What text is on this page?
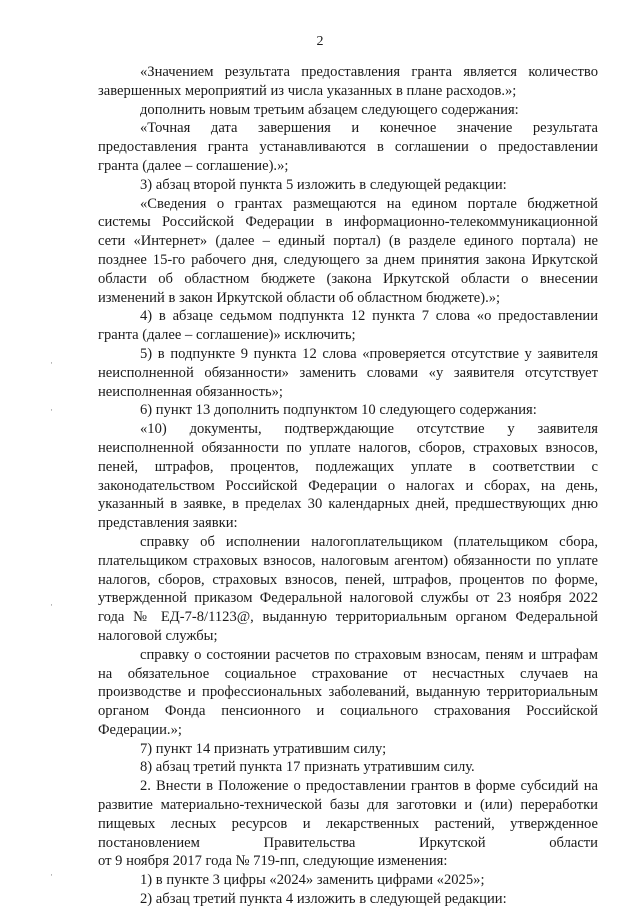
2
·
·
·
·

«Значением результата предоставления гранта является количество завершенных мероприятий из числа указанных в плане расходов.»;

дополнить новым третьим абзацем следующего содержания:

«Точная дата завершения и конечное значение результата предоставления гранта устанавливаются в соглашении о предоставлении гранта (далее – соглашение).»;

3) абзац второй пункта 5 изложить в следующей редакции:

«Сведения о грантах размещаются на едином портале бюджетной системы Российской Федерации в информационно-телекоммуникационной сети «Интернет» (далее – единый портал) (в разделе единого портала) не позднее 15-го рабочего дня, следующего за днем принятия закона Иркутской области об областном бюджете (закона Иркутской области о внесении изменений в закон Иркутской области об областном бюджете).»;

4) в абзаце седьмом подпункта 12 пункта 7 слова «о предоставлении гранта (далее – соглашение)» исключить;

5) в подпункте 9 пункта 12 слова «проверяется отсутствие у заявителя неисполненной обязанности» заменить словами «у заявителя отсутствует неисполненная обязанность»;

6) пункт 13 дополнить подпунктом 10 следующего содержания:

«10) документы, подтверждающие отсутствие у заявителя неисполненной обязанности по уплате налогов, сборов, страховых взносов, пеней, штрафов, процентов, подлежащих уплате в соответствии с законодательством Российской Федерации о налогах и сборах, на день, указанный в заявке, в пределах 30 календарных дней, предшествующих дню представления заявки:

справку об исполнении налогоплательщиком (плательщиком сбора, плательщиком страховых взносов, налоговым агентом) обязанности по уплате налогов, сборов, страховых взносов, пеней, штрафов, процентов по форме, утвержденной приказом Федеральной налоговой службы от 23 ноября 2022 года № ЕД-7-8/1123@, выданную территориальным органом Федеральной налоговой службы;

справку о состоянии расчетов по страховым взносам, пеням и штрафам на обязательное социальное страхование от несчастных случаев на производстве и профессиональных заболеваний, выданную территориальным органом Фонда пенсионного и социального страхования Российской Федерации.»;

7) пункт 14 признать утратившим силу;

8) абзац третий пункта 17 признать утратившим силу.

2. Внести в Положение о предоставлении грантов в форме субсидий на развитие материально-технической базы для заготовки и (или) переработки пищевых лесных ресурсов и лекарственных растений, утвержденное постановлением Правительства Иркутской области

от 9 ноября 2017 года № 719-пп, следующие изменения:

1) в пункте 3 цифры «2024» заменить цифрами «2025»;

2) абзац третий пункта 4 изложить в следующей редакции:
